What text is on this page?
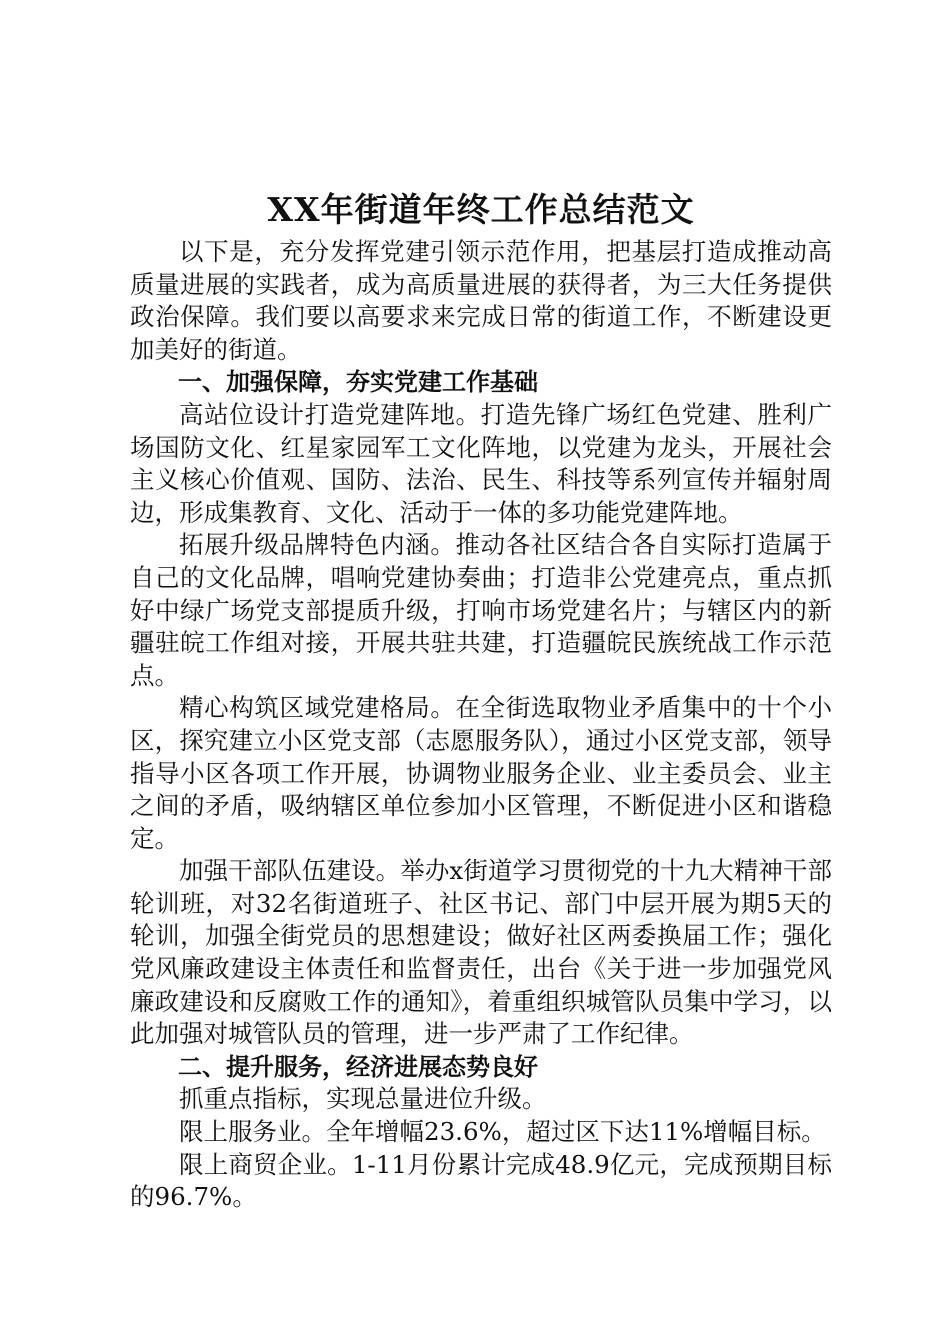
XX年街道年终工作总结范文

以下是，充分发挥党建引领示范作用，把基层打造成推动高质量进展的实践者，成为高质量进展的获得者，为三大任务提供政治保障。我们要以高要求来完成日常的街道工作，不断建设更加美好的街道。

一、加强保障，夯实党建工作基础

高站位设计打造党建阵地。打造先锋广场红色党建、胜利广场国防文化、红星家园军工文化阵地，以党建为龙头，开展社会主义核心价值观、国防、法治、民生、科技等系列宣传并辐射周边，形成集教育、文化、活动于一体的多功能党建阵地。

拓展升级品牌特色内涵。推动各社区结合各自实际打造属于自己的文化品牌，唱响党建协奏曲；打造非公党建亮点，重点抓好中绿广场党支部提质升级，打响市场党建名片；与辖区内的新疆驻皖工作组对接，开展共驻共建，打造疆皖民族统战工作示范点。

精心构筑区域党建格局。在全街选取物业矛盾集中的十个小区，探究建立小区党支部（志愿服务队），通过小区党支部，领导指导小区各项工作开展，协调物业服务企业、业主委员会、业主之间的矛盾，吸纳辖区单位参加小区管理，不断促进小区和谐稳定。

加强干部队伍建设。举办x街道学习贯彻党的十九大精神干部轮训班，对32名街道班子、社区书记、部门中层开展为期5天的轮训，加强全街党员的思想建设；做好社区两委换届工作；强化党风廉政建设主体责任和监督责任，出台《关于进一步加强党风廉政建设和反腐败工作的通知》，着重组织城管队员集中学习，以此加强对城管队员的管理，进一步严肃了工作纪律。

二、提升服务，经济进展态势良好

抓重点指标，实现总量进位升级。

限上服务业。全年增幅23.6%，超过区下达11%增幅目标。

限上商贸企业。1-11月份累计完成48.9亿元，完成预期目标的96.7%。
